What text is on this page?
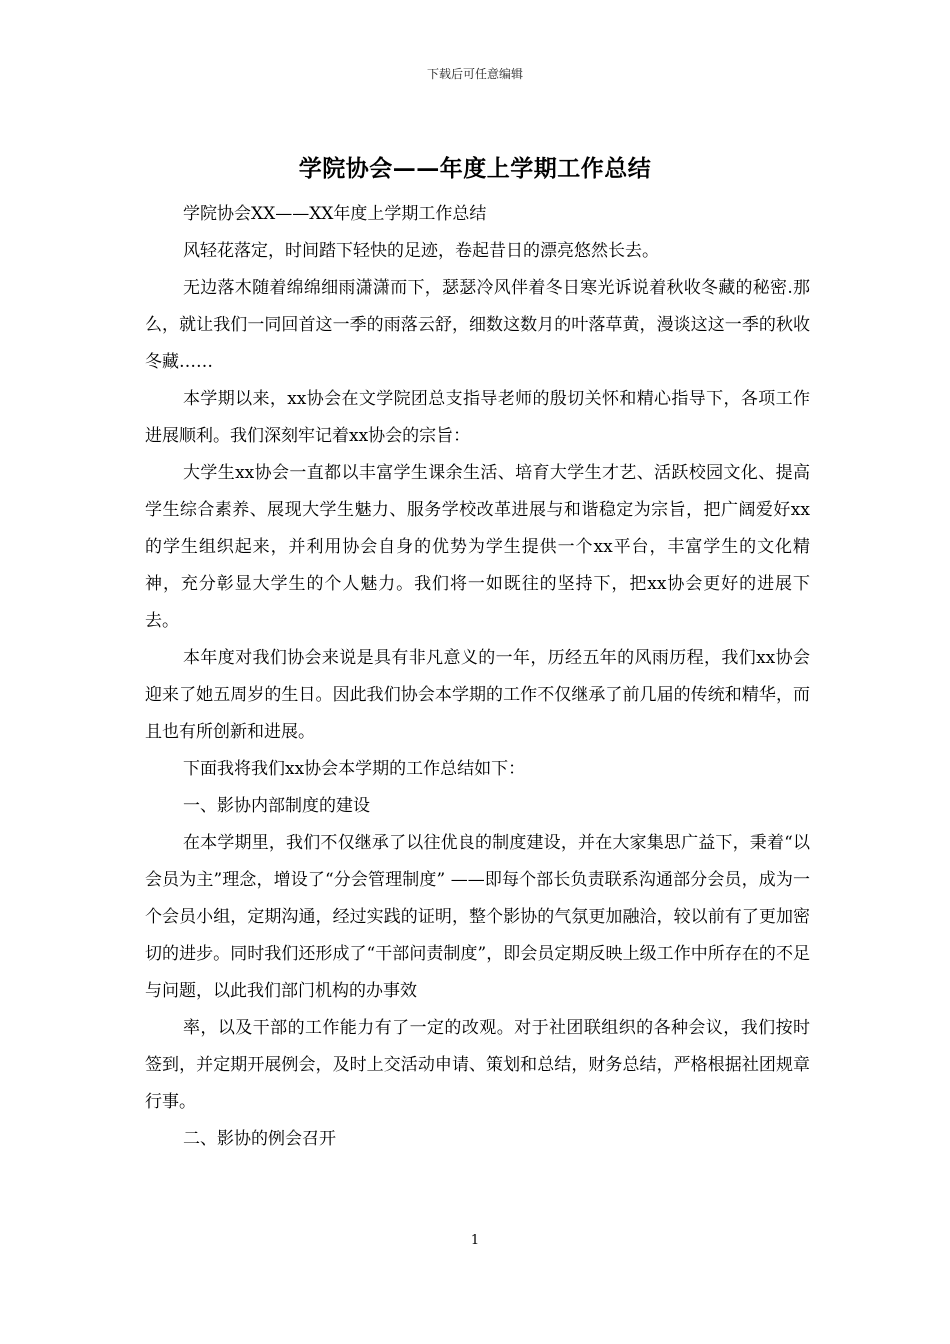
下载后可任意编辑
学院协会——年度上学期工作总结

学院协会XX——XX年度上学期工作总结

风轻花落定，时间踏下轻快的足迹，卷起昔日的漂亮悠然长去。

无边落木随着绵绵细雨潇潇而下，瑟瑟冷风伴着冬日寒光诉说着秋收冬藏的秘密.那么，就让我们一同回首这一季的雨落云舒，细数这数月的叶落草黄，漫谈这这一季的秋收冬藏……

本学期以来，xx协会在文学院团总支指导老师的殷切关怀和精心指导下，各项工作进展顺利。我们深刻牢记着xx协会的宗旨：

大学生xx协会一直都以丰富学生课余生活、培育大学生才艺、活跃校园文化、提高学生综合素养、展现大学生魅力、服务学校改革进展与和谐稳定为宗旨，把广阔爱好xx的学生组织起来，并利用协会自身的优势为学生提供一个xx平台，丰富学生的文化精神，充分彰显大学生的个人魅力。我们将一如既往的坚持下，把xx协会更好的进展下去。

本年度对我们协会来说是具有非凡意义的一年，历经五年的风雨历程，我们xx协会迎来了她五周岁的生日。因此我们协会本学期的工作不仅继承了前几届的传统和精华，而且也有所创新和进展。

下面我将我们xx协会本学期的工作总结如下：

一、影协内部制度的建设

在本学期里，我们不仅继承了以往优良的制度建设，并在大家集思广益下，秉着“以会员为主”理念，增设了“分会管理制度” ——即每个部长负责联系沟通部分会员，成为一个会员小组，定期沟通，经过实践的证明，整个影协的气氛更加融洽，较以前有了更加密切的进步。同时我们还形成了“干部问责制度”，即会员定期反映上级工作中所存在的不足与问题，以此我们部门机构的办事效

率，以及干部的工作能力有了一定的改观。对于社团联组织的各种会议，我们按时签到，并定期开展例会，及时上交活动申请、策划和总结，财务总结，严格根据社团规章行事。

二、影协的例会召开

1
